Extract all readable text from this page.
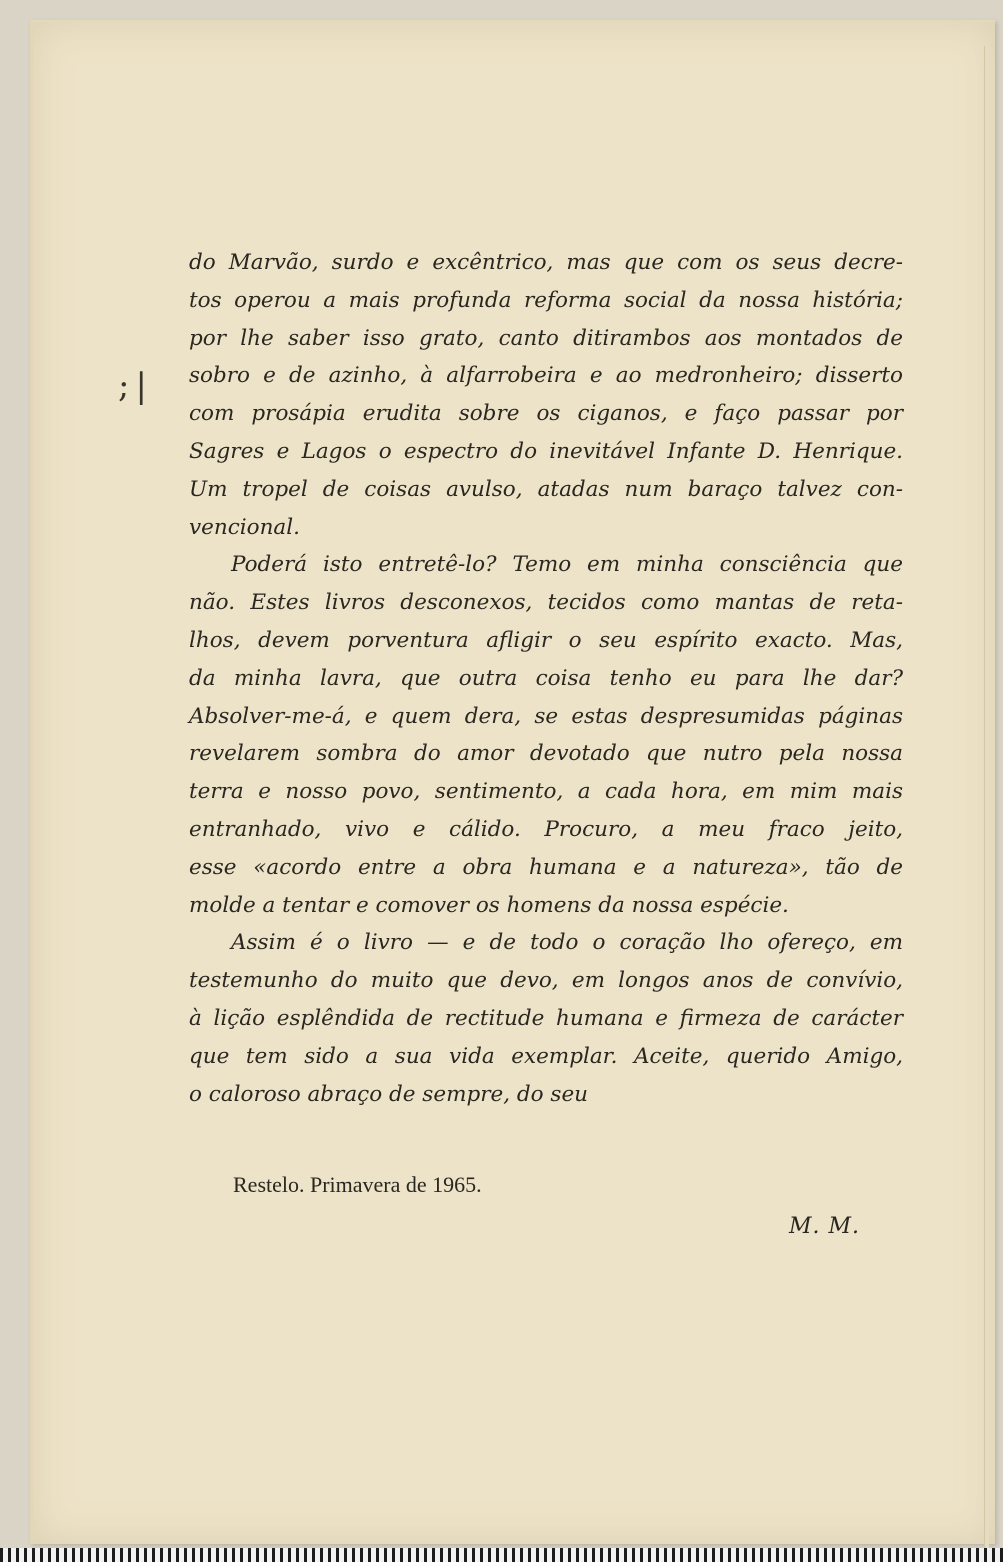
;|
do Marvão, surdo e excêntrico, mas que com os seus decre-
tos operou a mais profunda reforma social da nossa história;
por lhe saber isso grato, canto ditirambos aos montados de
sobro e de azinho, à alfarrobeira e ao medronheiro; disserto
com prosápia erudita sobre os ciganos, e faço passar por
Sagres e Lagos o espectro do inevitável Infante D. Henrique.
Um tropel de coisas avulso, atadas num baraço talvez con-
vencional.
Poderá isto entretê-lo? Temo em minha consciência que
não. Estes livros desconexos, tecidos como mantas de reta-
lhos, devem porventura afligir o seu espírito exacto. Mas,
da minha lavra, que outra coisa tenho eu para lhe dar?
Absolver-me-á, e quem dera, se estas despresumidas páginas
revelarem sombra do amor devotado que nutro pela nossa
terra e nosso povo, sentimento, a cada hora, em mim mais
entranhado, vivo e cálido. Procuro, a meu fraco jeito,
esse «acordo entre a obra humana e a natureza», tão de
molde a tentar e comover os homens da nossa espécie.
Assim é o livro — e de todo o coração lho ofereço, em
testemunho do muito que devo, em longos anos de convívio,
à lição esplêndida de rectitude humana e firmeza de carácter
que tem sido a sua vida exemplar. Aceite, querido Amigo,
o caloroso abraço de sempre, do seu
Restelo. Primavera de 1965.
M. M.
